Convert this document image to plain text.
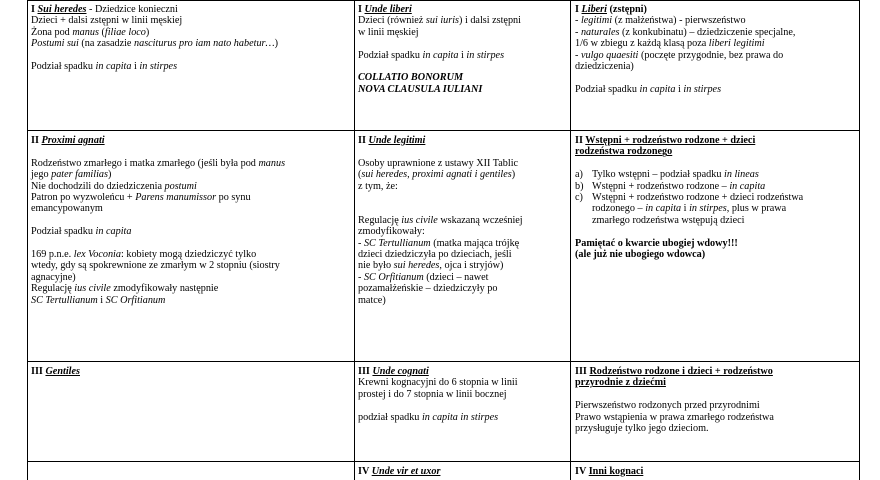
I Sui heredes - Dziedzice konieczni

Dzieci + dalsi zstępni w linii męskiej

Żona pod manus (filiae loco)

Postumi sui (na zasadzie nasciturus pro iam nato habetur…)

Podział spadku in capita i in stirpes

I Unde liberi

Dzieci (również sui iuris) i dalsi zstępni

w linii męskiej

Podział spadku in capita i in stirpes

COLLATIO BONORUM

NOVA CLAUSULA IULIANI

I Liberi (zstępni)

- legitimi (z małżeństwa) - pierwszeństwo

- naturales (z konkubinatu) – dziedziczenie specjalne,

1/6 w zbiegu z każdą klasą poza liberi legitimi

- vulgo quaesiti (poczęte przygodnie, bez prawa do

dziedziczenia)

Podział spadku in capita i in stirpes

II Proximi agnati

Rodzeństwo zmarłego i matka zmarłego (jeśli była pod manus

jego pater familias)

Nie dochodzili do dziedziczenia postumi

Patron po wyzwoleńcu + Parens manumissor po synu

emancypowanym

Podział spadku in capita

169 p.n.e. lex Voconia: kobiety mogą dziedziczyć tylko

wtedy, gdy są spokrewnione ze zmarłym w 2 stopniu (siostry

agnacyjne)

Regulację ius civile zmodyfikowały następnie

SC Tertullianum i SC Orfitianum

II Unde legitimi

Osoby uprawnione z ustawy XII Tablic

(sui heredes, proximi agnati i gentiles)

z tym, że:

Regulację ius civile wskazaną wcześniej

zmodyfikowały:

- SC Tertullianum (matka mająca trójkę

dzieci dziedziczyła po dzieciach, jeśli

nie było sui heredes, ojca i stryjów)

- SC Orfitianum (dzieci – nawet

pozamałżeńskie – dziedziczyły po

matce)

II Wstępni + rodzeństwo rodzone + dzieci

rodzeństwa rodzonego

a) Tylko wstępni – podział spadku in lineas

b) Wstępni + rodzeństwo rodzone – in capita

c) Wstępni + rodzeństwo rodzone + dzieci rodzeństwa

rodzonego – in capita i in stirpes, plus w prawa

zmarłego rodzeństwa wstępują dzieci

Pamiętać o kwarcie ubogiej wdowy!!!

(ale już nie ubogiego wdowca)

III Gentiles	III Unde cognati

Krewni kognacyjni do 6 stopnia w linii

prostej i do 7 stopnia w linii bocznej

podział spadku in capita in stirpes

III Rodzeństwo rodzone i dzieci + rodzeństwo

przyrodnie z dziećmi

Pierwszeństwo rodzonych przed przyrodnimi

Prawo wstąpienia w prawa zmarłego rodzeństwa

przysługuje tylko jego dzieciom.

IV Unde vir et uxor	IV Inni kognaci
